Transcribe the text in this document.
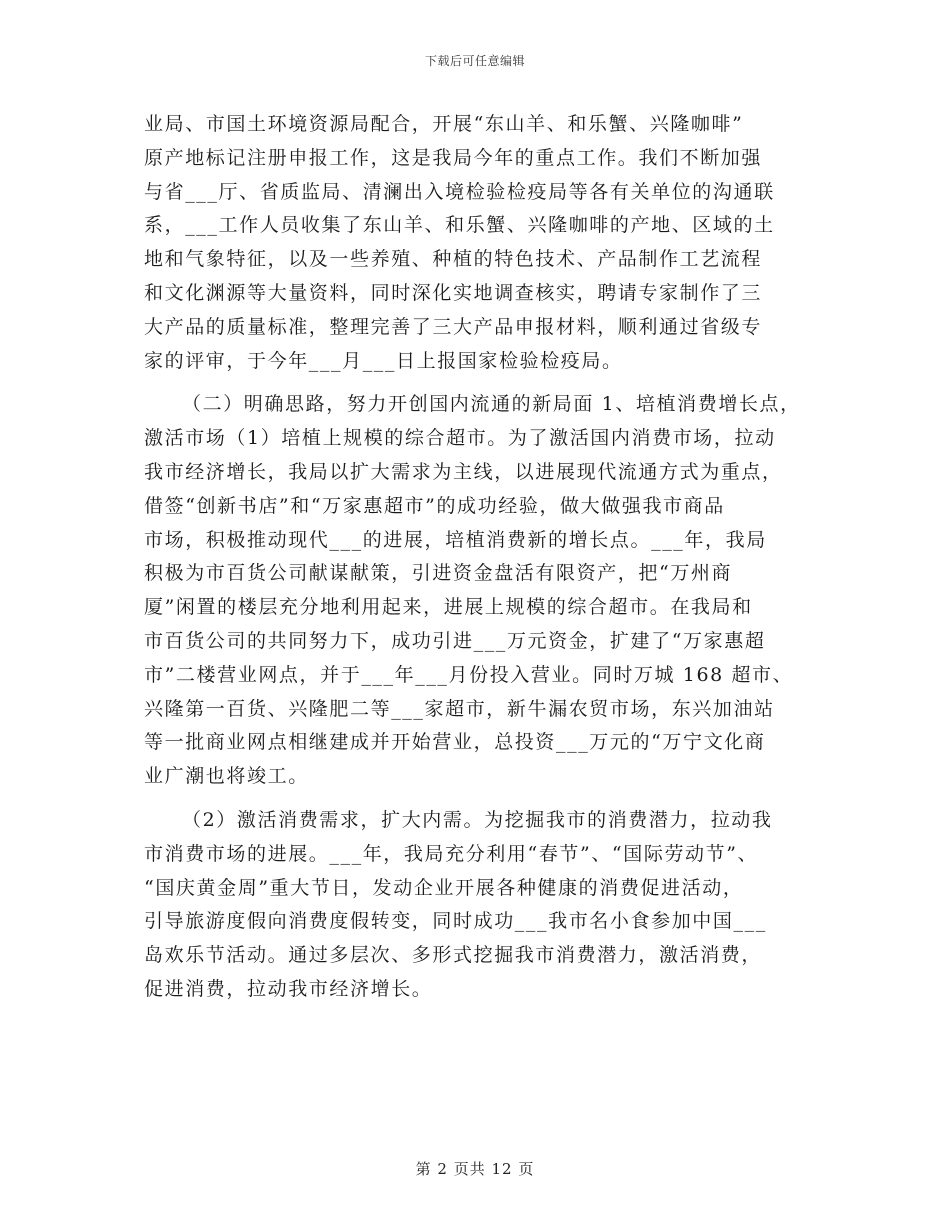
下载后可任意编辑
业局、市国土环境资源局配合，开展“东山羊、和乐蟹、兴隆咖啡”
原产地标记注册申报工作，这是我局今年的重点工作。我们不断加强
与省___厅、省质监局、清澜出入境检验检疫局等各有关单位的沟通联
系，___工作人员收集了东山羊、和乐蟹、兴隆咖啡的产地、区域的土
地和气象特征，以及一些养殖、种植的特色技术、产品制作工艺流程
和文化渊源等大量资料，同时深化实地调查核实，聘请专家制作了三
大产品的质量标准，整理完善了三大产品申报材料，顺利通过省级专
家的评审，于今年___月___日上报国家检验检疫局。
（二）明确思路，努力开创国内流通的新局面 1、培植消费增长点，
激活市场（1）培植上规模的综合超市。为了激活国内消费市场，拉动
我市经济增长，我局以扩大需求为主线，以进展现代流通方式为重点，
借签“创新书店”和“万家惠超市”的成功经验，做大做强我市商品
市场，积极推动现代___的进展，培植消费新的增长点。___年，我局
积极为市百货公司献谋献策，引进资金盘活有限资产，把“万州商
厦”闲置的楼层充分地利用起来，进展上规模的综合超市。在我局和
市百货公司的共同努力下，成功引进___万元资金，扩建了“万家惠超
市”二楼营业网点，并于___年___月份投入营业。同时万城 168 超市、
兴隆第一百货、兴隆肥二等___家超市，新牛漏农贸市场，东兴加油站
等一批商业网点相继建成并开始营业，总投资___万元的“万宁文化商
业广潮也将竣工。
（2）激活消费需求，扩大内需。为挖掘我市的消费潜力，拉动我
市消费市场的进展。___年，我局充分利用“春节”、“国际劳动节”、
“国庆黄金周”重大节日，发动企业开展各种健康的消费促进活动，
引导旅游度假向消费度假转变，同时成功___我市名小食参加中国___
岛欢乐节活动。通过多层次、多形式挖掘我市消费潜力，激活消费，
促进消费，拉动我市经济增长。
第 2 页共 12 页
